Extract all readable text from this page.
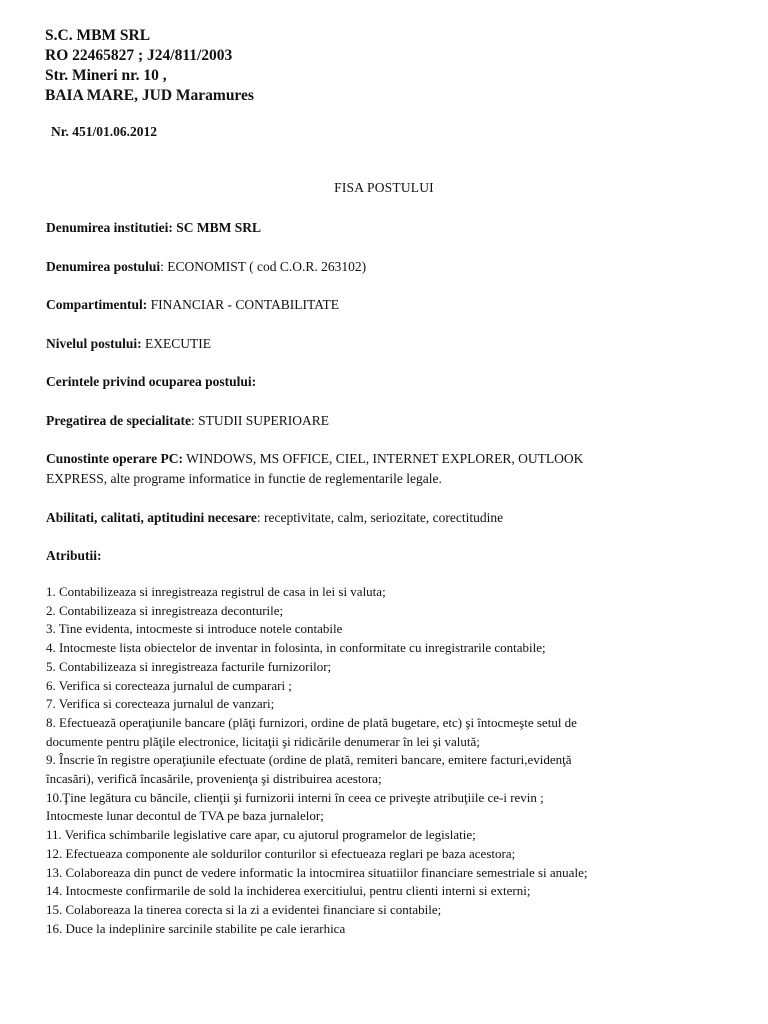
S.C. MBM SRL
RO 22465827 ; J24/811/2003
Str. Mineri nr. 10 ,
BAIA MARE, JUD Maramures
Nr. 451/01.06.2012
FISA POSTULUI
Denumirea institutiei: SC MBM SRL
Denumirea postului: ECONOMIST ( cod C.O.R. 263102)
Compartimentul: FINANCIAR - CONTABILITATE
Nivelul postului: EXECUTIE
Cerintele privind ocuparea postului:
Pregatirea de specialitate: STUDII SUPERIOARE
Cunostinte operare PC: WINDOWS, MS OFFICE, CIEL, INTERNET EXPLORER, OUTLOOK
EXPRESS, alte programe informatice in functie de reglementarile legale.
Abilitati, calitati, aptitudini necesare: receptivitate, calm, seriozitate, corectitudine
Atributii:
1. Contabilizeaza si inregistreaza registrul de casa in lei si valuta;
2. Contabilizeaza si inregistreaza deconturile;
3. Tine evidenta, intocmeste si introduce notele contabile
4. Intocmeste lista obiectelor de inventar in folosinta, in conformitate cu inregistrarile contabile;
5. Contabilizeaza si inregistreaza facturile furnizorilor;
6. Verifica si corecteaza jurnalul de cumparari ;
7. Verifica si corecteaza jurnalul de vanzari;
8. Efectuează operaţiunile bancare (plăţi furnizori, ordine de plată bugetare, etc) şi întocmeşte setul de
documente pentru plăţile electronice, licitaţii şi ridicările denumerar în lei şi valută;
9. Înscrie în registre operaţiunile efectuate (ordine de plată, remiteri bancare, emitere facturi,evidenţă
încasări), verifică încasările, provenienţa şi distribuirea acestora;
10.Ţine legătura cu băncile, clienţii şi furnizorii interni în ceea ce priveşte atribuţiile ce-i revin ;
Intocmeste lunar decontul de TVA pe baza jurnalelor;
11. Verifica schimbarile legislative care apar, cu ajutorul programelor de legislatie;
12. Efectueaza componente ale soldurilor conturilor si efectueaza reglari pe baza acestora;
13. Colaboreaza din punct de vedere informatic la intocmirea situatiilor financiare semestriale si anuale;
14. Intocmeste confirmarile de sold la inchiderea exercitiului, pentru clienti interni si externi;
15. Colaboreaza la tinerea corecta si la zi a evidentei financiare si contabile;
16. Duce la indeplinire sarcinile stabilite pe cale ierarhica
